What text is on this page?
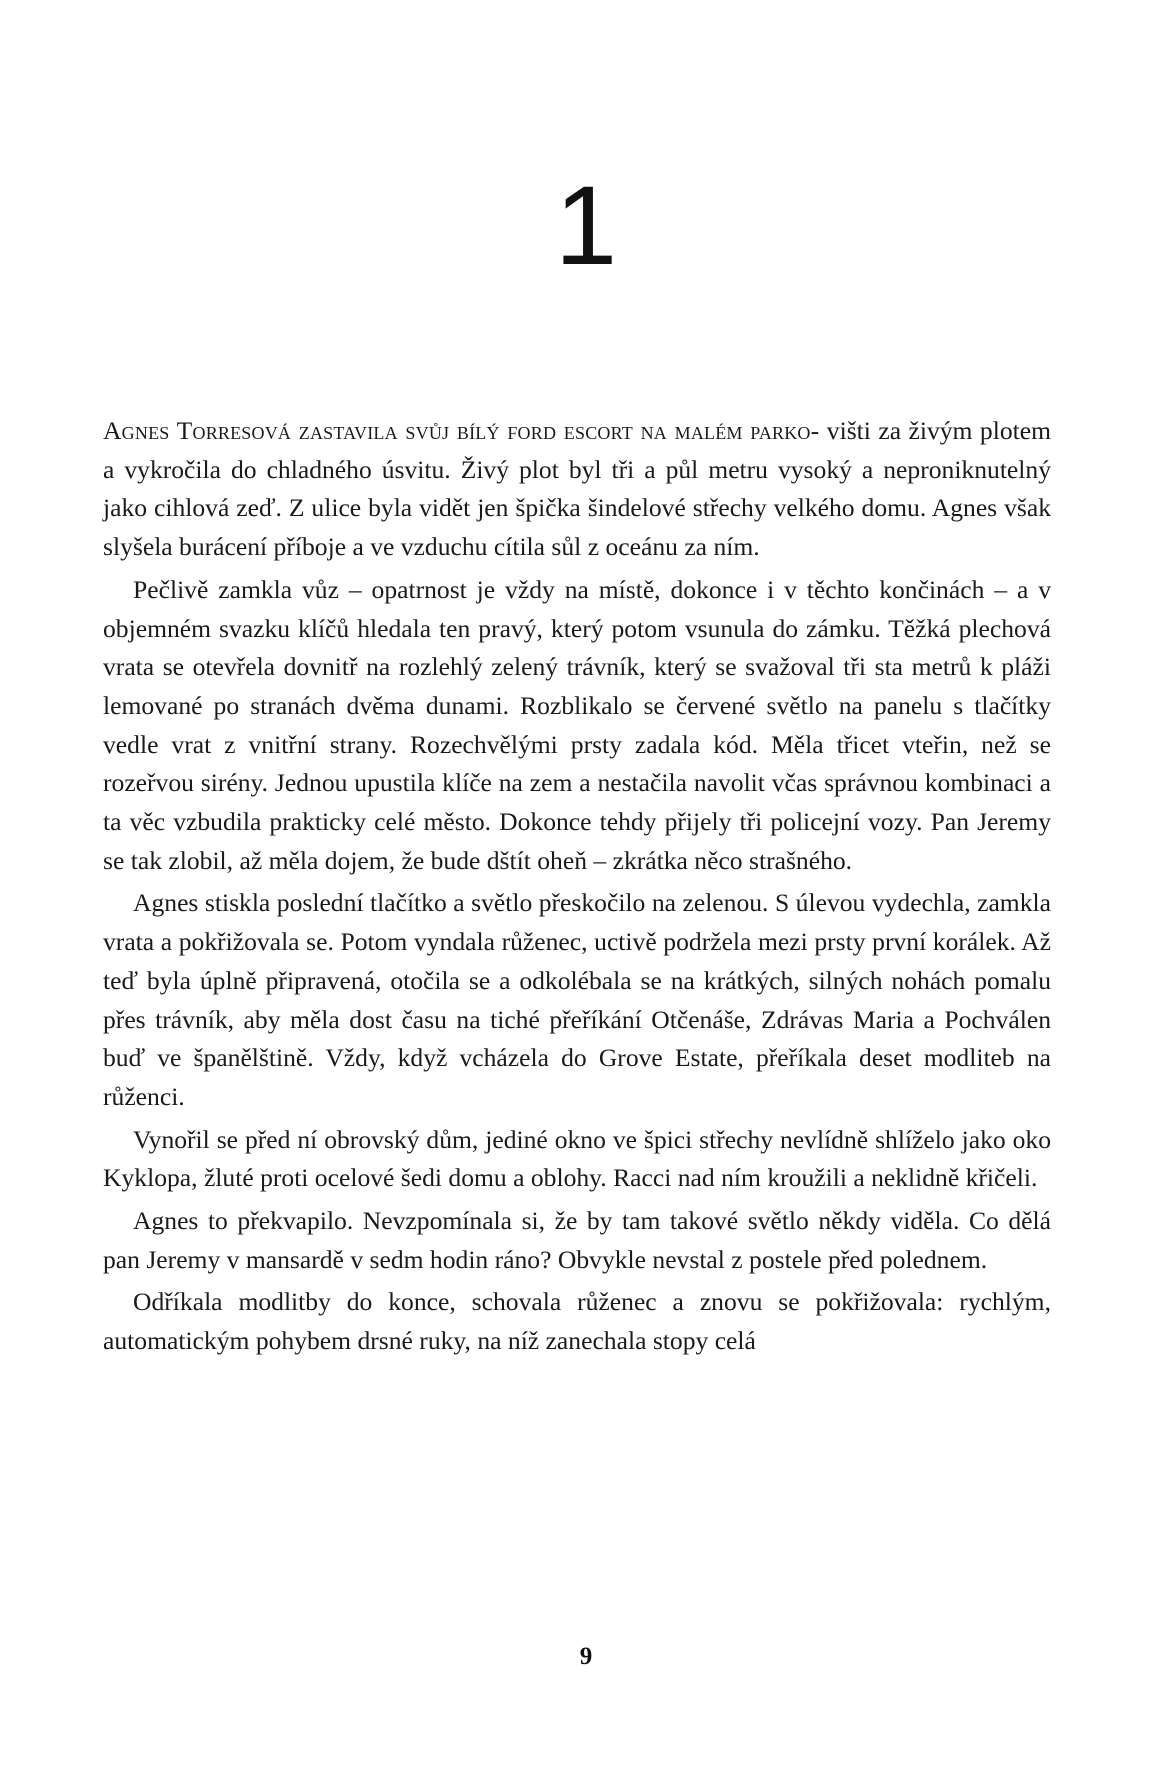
1

Agnes Torresová zastavila svůj bílý ford escort na malém parko- višti za živým plotem a vykročila do chladného úsvitu. Živý plot byl tři a půl metru vysoký a neproniknutelný jako cihlová zeď. Z ulice byla vidět jen špička šindelové střechy velkého domu. Agnes však slyšela burácení příboje a ve vzduchu cítila sůl z oceánu za ním.

Pečlivě zamkla vůz – opatrnost je vždy na místě, dokonce i v těchto končinách – a v objemném svazku klíčů hledala ten pravý, který potom vsunula do zámku. Těžká plechová vrata se otevřela dovnitř na rozlehlý zelený trávník, který se svažoval tři sta metrů k pláži lemované po stranách dvěma dunami. Rozblikalo se červené světlo na panelu s tlačítky vedle vrat z vnitřní strany. Rozechvělými prsty zadala kód. Měla třicet vteřin, než se rozeřvou sirény. Jednou upustila klíče na zem a nestačila navolit včas správnou kombinaci a ta věc vzbudila prakticky celé město. Dokonce tehdy přijely tři policejní vozy. Pan Jeremy se tak zlobil, až měla dojem, že bude dštít oheň – zkrátka něco strašného.

Agnes stiskla poslední tlačítko a světlo přeskočilo na zelenou. S úlevou vydechla, zamkla vrata a pokřižovala se. Potom vyndala růženec, uctivě podržela mezi prsty první korálek. Až teď byla úplně připravená, otočila se a odkolébala se na krátkých, silných nohách pomalu přes trávník, aby měla dost času na tiché přeříkání Otčenáše, Zdrávas Maria a Pochválen buď ve španělštině. Vždy, když vcházela do Grove Estate, přeříkala deset modliteb na růženci.

Vynořil se před ní obrovský dům, jediné okno ve špici střechy nevlídně shlíželo jako oko Kyklopa, žluté proti ocelové šedi domu a oblohy. Racci nad ním kroužili a neklidně křičeli.

Agnes to překvapilo. Nevzpomínala si, že by tam takové světlo někdy viděla. Co dělá pan Jeremy v mansardě v sedm hodin ráno? Obvykle nevstal z postele před polednem.

Odříkala modlitby do konce, schovala růženec a znovu se pokřižovala: rychlým, automatickým pohybem drsné ruky, na níž zanechala stopy celá

9
